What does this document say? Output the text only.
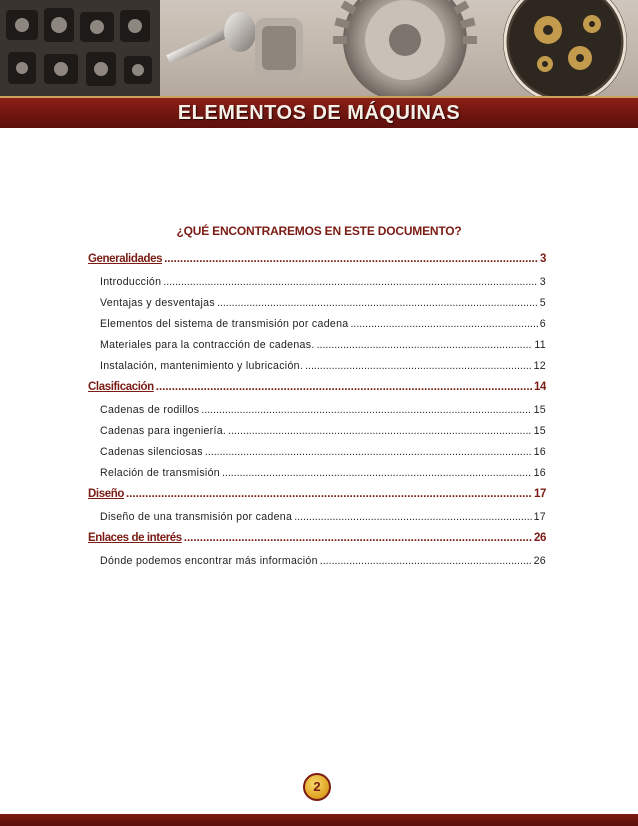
ELEMENTOS DE MÁQUINAS
¿QUÉ ENCONTRAREMOS EN ESTE DOCUMENTO?
Generalidades .....	3
Introducción .....	3
Ventajas y desventajas .....	5
Elementos del sistema de transmisión por cadena .....	6
Materiales para la contracción de cadenas. .....	11
Instalación, mantenimiento y lubricación. .....	12
Clasificación .....	14
Cadenas de rodillos .....	15
Cadenas para ingeniería. .....	15
Cadenas silenciosas .....	16
Relación de transmisión .....	16
Diseño .....	17
Diseño de una transmisión por cadena .....	17
Enlaces de interés .....	26
Dónde podemos encontrar más información .....	26
2
